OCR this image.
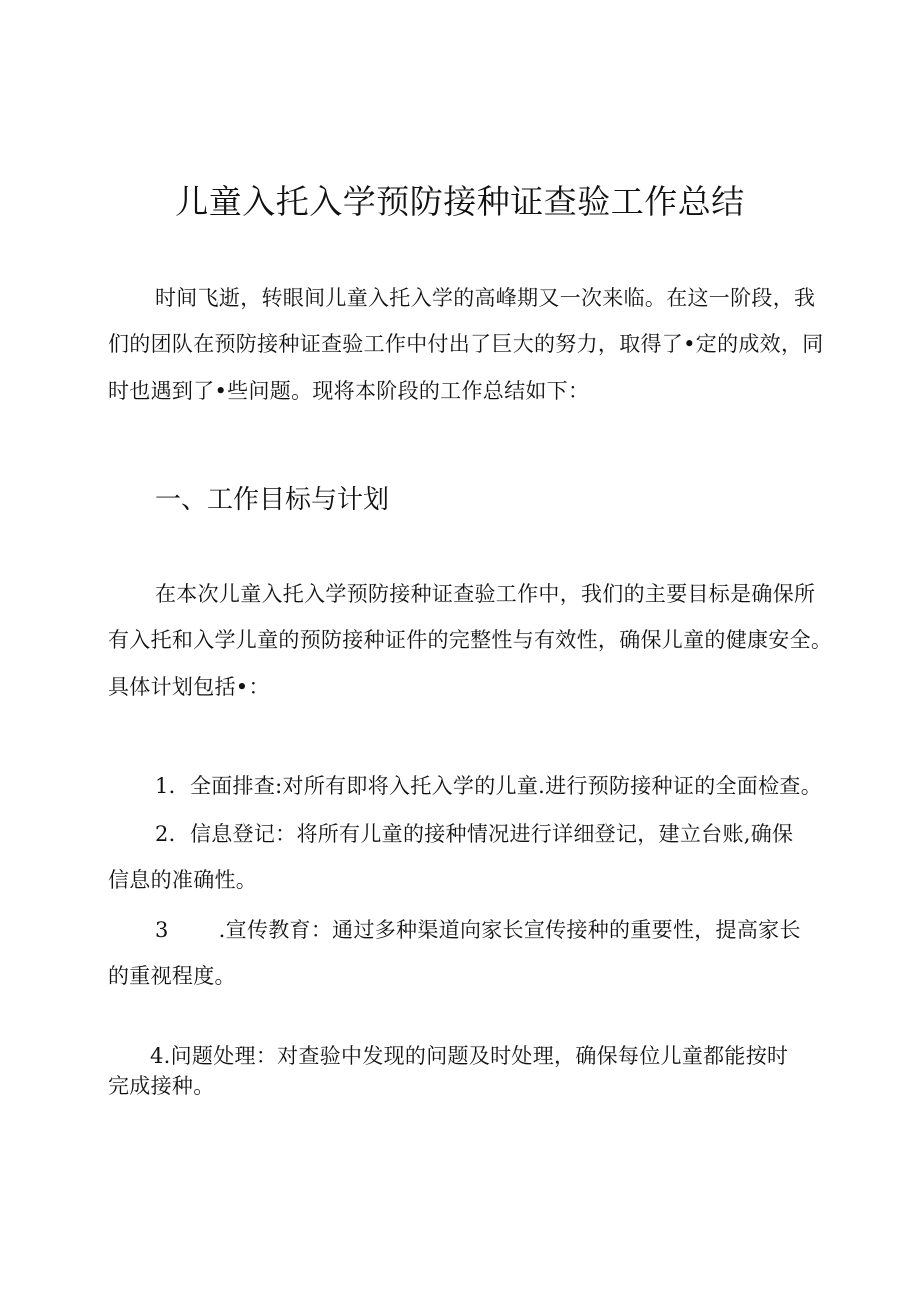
儿童入托入学预防接种证查验工作总结
时间飞逝，转眼间儿童入托入学的高峰期又一次来临。在这一阶段，我
们的团队在预防接种证查验工作中付出了巨大的努力，取得了•定的成效，同
时也遇到了•些问题。现将本阶段的工作总结如下：
一、工作目标与计划
在本次儿童入托入学预防接种证查验工作中，我们的主要目标是确保所
有入托和入学儿童的预防接种证件的完整性与有效性，确保儿童的健康安全。
具体计划包括•：
1．全面排查:对所有即将入托入学的儿童.进行预防接种证的全面检查。
2．信息登记：将所有儿童的接种情况进行详细登记，建立台账,确保
信息的准确性。
3 .宣传教育：通过多种渠道向家长宣传接种的重要性，提高家长
的重视程度。
4.问题处理：对查验中发现的问题及时处理，确保每位儿童都能按时
完成接种。
